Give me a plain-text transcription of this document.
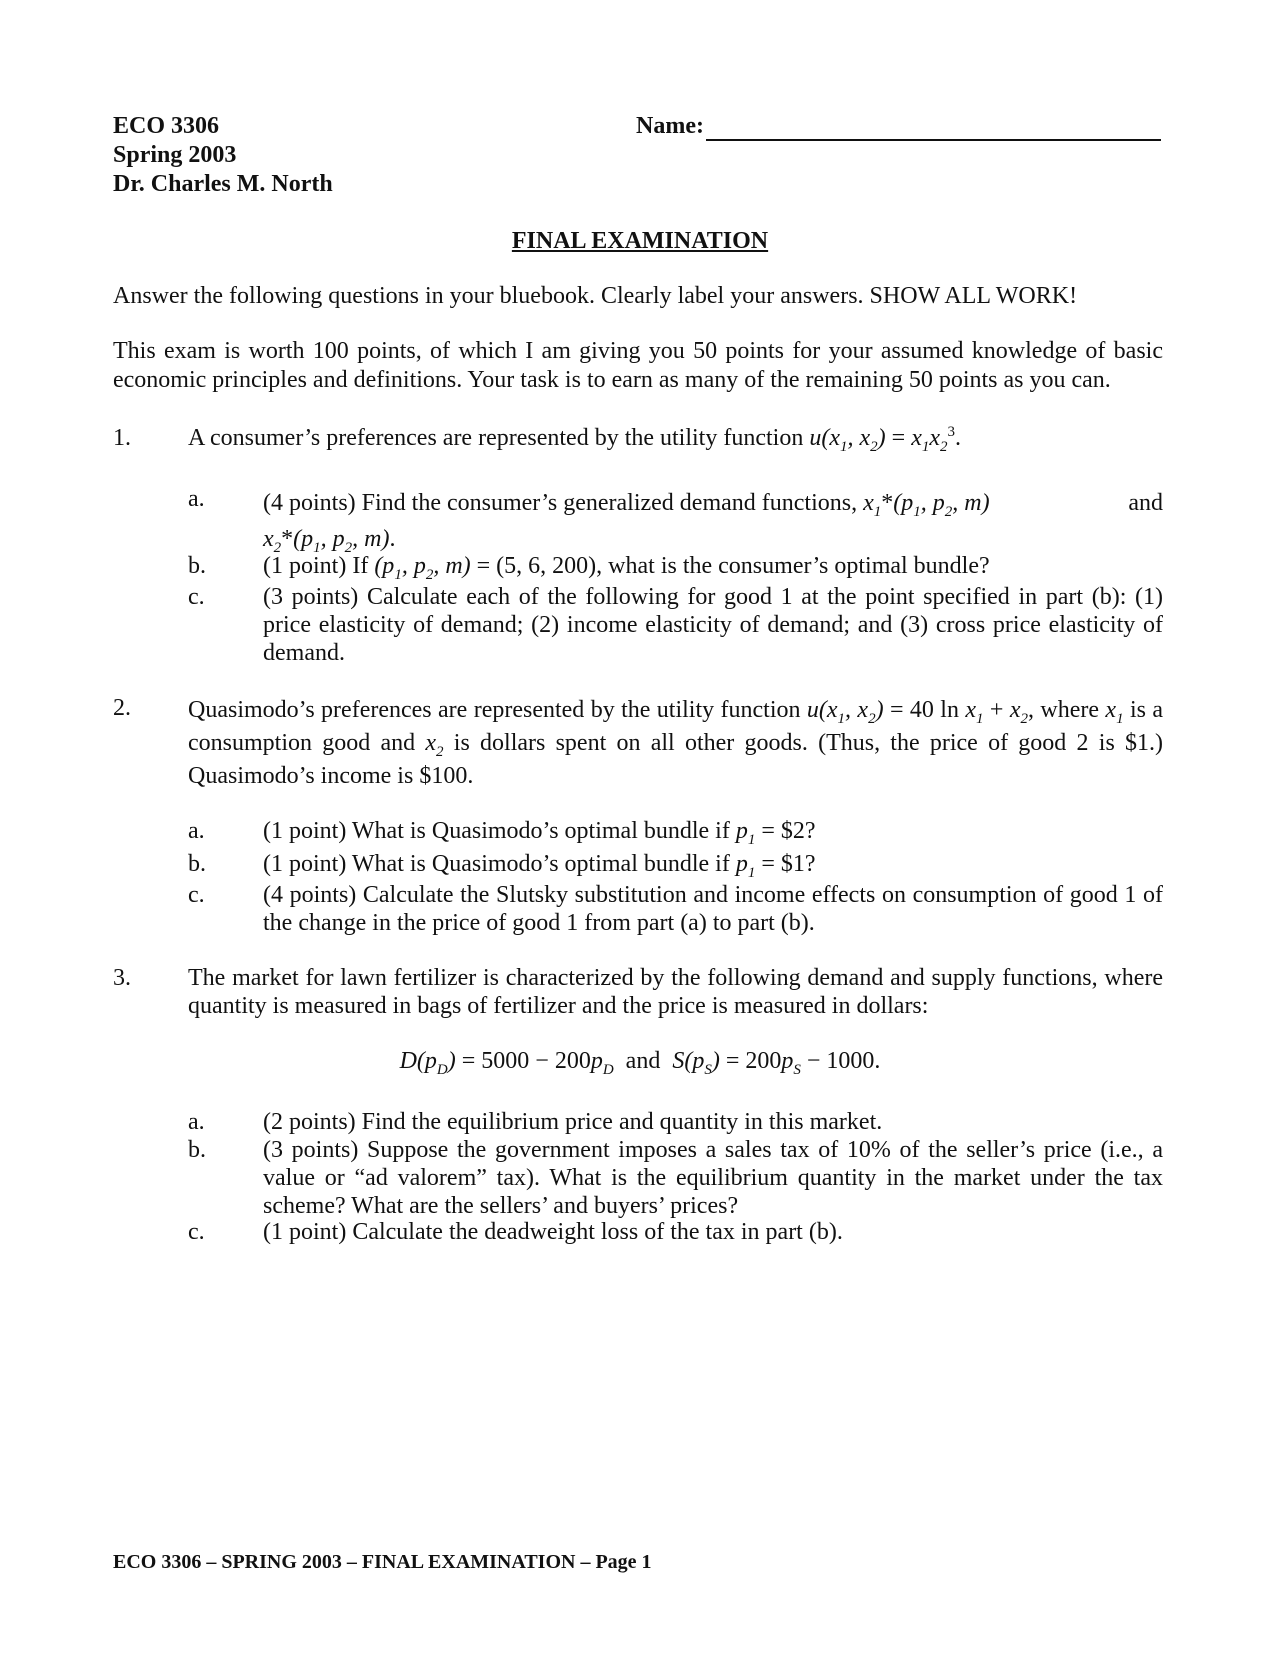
ECO 3306
Spring 2003
Dr. Charles M. North
Name:
FINAL EXAMINATION
Answer the following questions in your bluebook. Clearly label your answers. SHOW ALL WORK!
This exam is worth 100 points, of which I am giving you 50 points for your assumed knowledge of basic economic principles and definitions. Your task is to earn as many of the remaining 50 points as you can.
1. A consumer’s preferences are represented by the utility function $u(x_1$, $x_2) = x_1x_2^3$.
a. (4 points) Find the consumer’s generalized demand functions, $x_1*(p_1$, $p_2$, m)	and

$x_2*(p_1$, $p_2$, m).
b. (1 point) If ($p_1$, $p_2$, m) = (5, 6, 200), what is the consumer’s optimal bundle?
c. (3 points) Calculate each of the following for good 1 at the point specified in part (b): (1) price elasticity of demand; (2) income elasticity of demand; and (3) cross price elasticity of demand.
2. Quasimodo’s preferences are represented by the utility function $u(x_1$, $x_2) = 40$ $\ln x_1 + x_2$, where $x_1$ is a consumption good and $x_2$ is dollars spent on all other goods. (Thus, the price of good 2 is $1.) Quasimodo’s income is $100.
a. (1 point) What is Quasimodo’s optimal bundle if $p_1$ = $2?
b. (1 point) What is Quasimodo’s optimal bundle if $p_1$ = $1?
c. (4 points) Calculate the Slutsky substitution and income effects on consumption of good 1 of the change in the price of good 1 from part (a) to part (b).
3. The market for lawn fertilizer is characterized by the following demand and supply functions, where quantity is measured in bags of fertilizer and the price is measured in dollars:
$D(p_D) = 5000 - 200p_D$ and $S(p_S) = 200p_S - 1000$.
a. (2 points) Find the equilibrium price and quantity in this market.
b. (3 points) Suppose the government imposes a sales tax of 10% of the seller’s price (i.e., a value or “ad valorem” tax). What is the equilibrium quantity in the market under the tax scheme? What are the sellers’ and buyers’ prices?
c. (1 point) Calculate the deadweight loss of the tax in part (b).
ECO 3306 – SPRING 2003 – FINAL EXAMINATION – Page 1
